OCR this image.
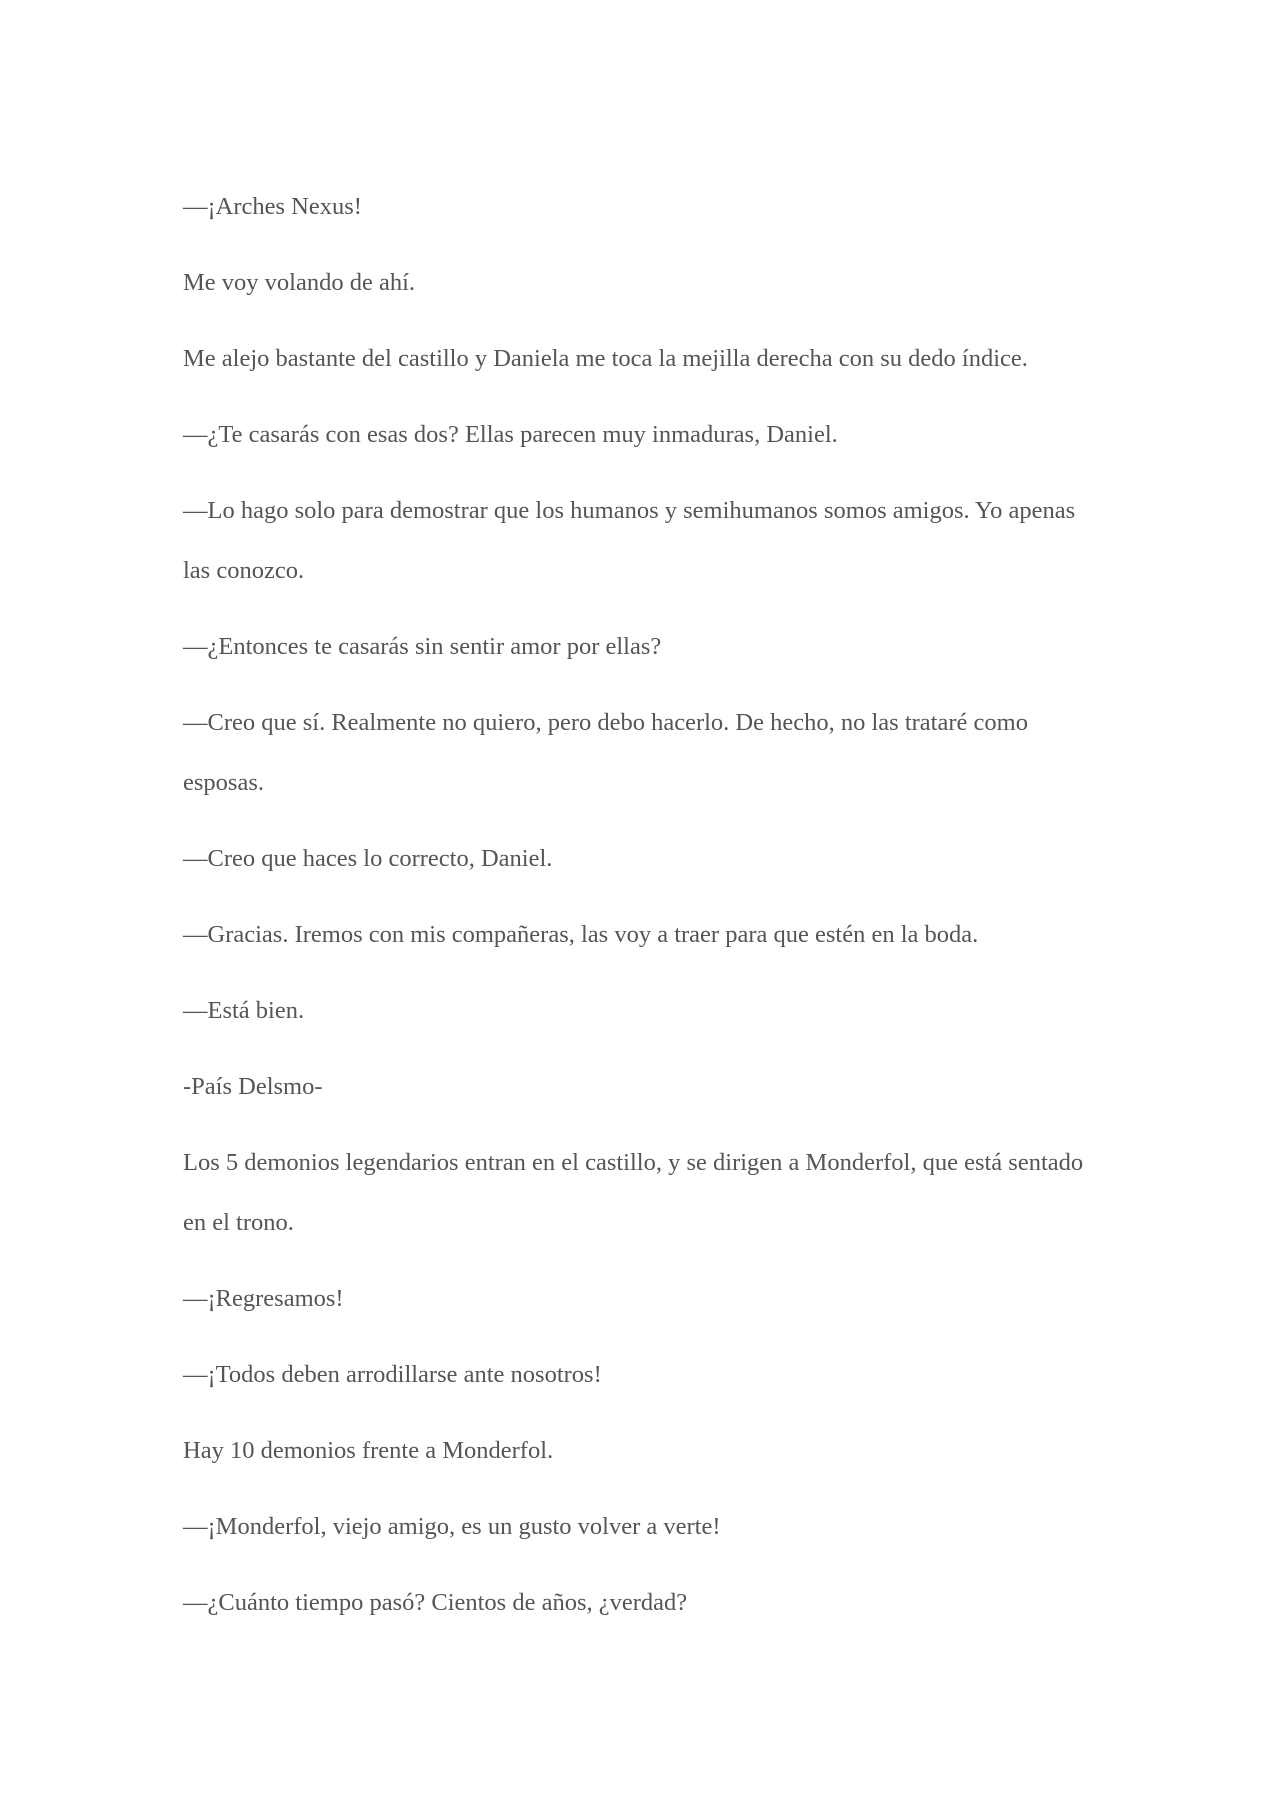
—¡Arches Nexus!

Me voy volando de ahí.

Me alejo bastante del castillo y Daniela me toca la mejilla derecha con su dedo índice.

—¿Te casarás con esas dos? Ellas parecen muy inmaduras, Daniel.

—Lo hago solo para demostrar que los humanos y semihumanos somos amigos. Yo apenas las conozco.

—¿Entonces te casarás sin sentir amor por ellas?

—Creo que sí. Realmente no quiero, pero debo hacerlo. De hecho, no las trataré como esposas.

—Creo que haces lo correcto, Daniel.

—Gracias. Iremos con mis compañeras, las voy a traer para que estén en la boda.

—Está bien.

-País Delsmo-

Los 5 demonios legendarios entran en el castillo, y se dirigen a Monderfol, que está sentado en el trono.

—¡Regresamos!

—¡Todos deben arrodillarse ante nosotros!

Hay 10 demonios frente a Monderfol.

—¡Monderfol, viejo amigo, es un gusto volver a verte!

—¿Cuánto tiempo pasó? Cientos de años, ¿verdad?
